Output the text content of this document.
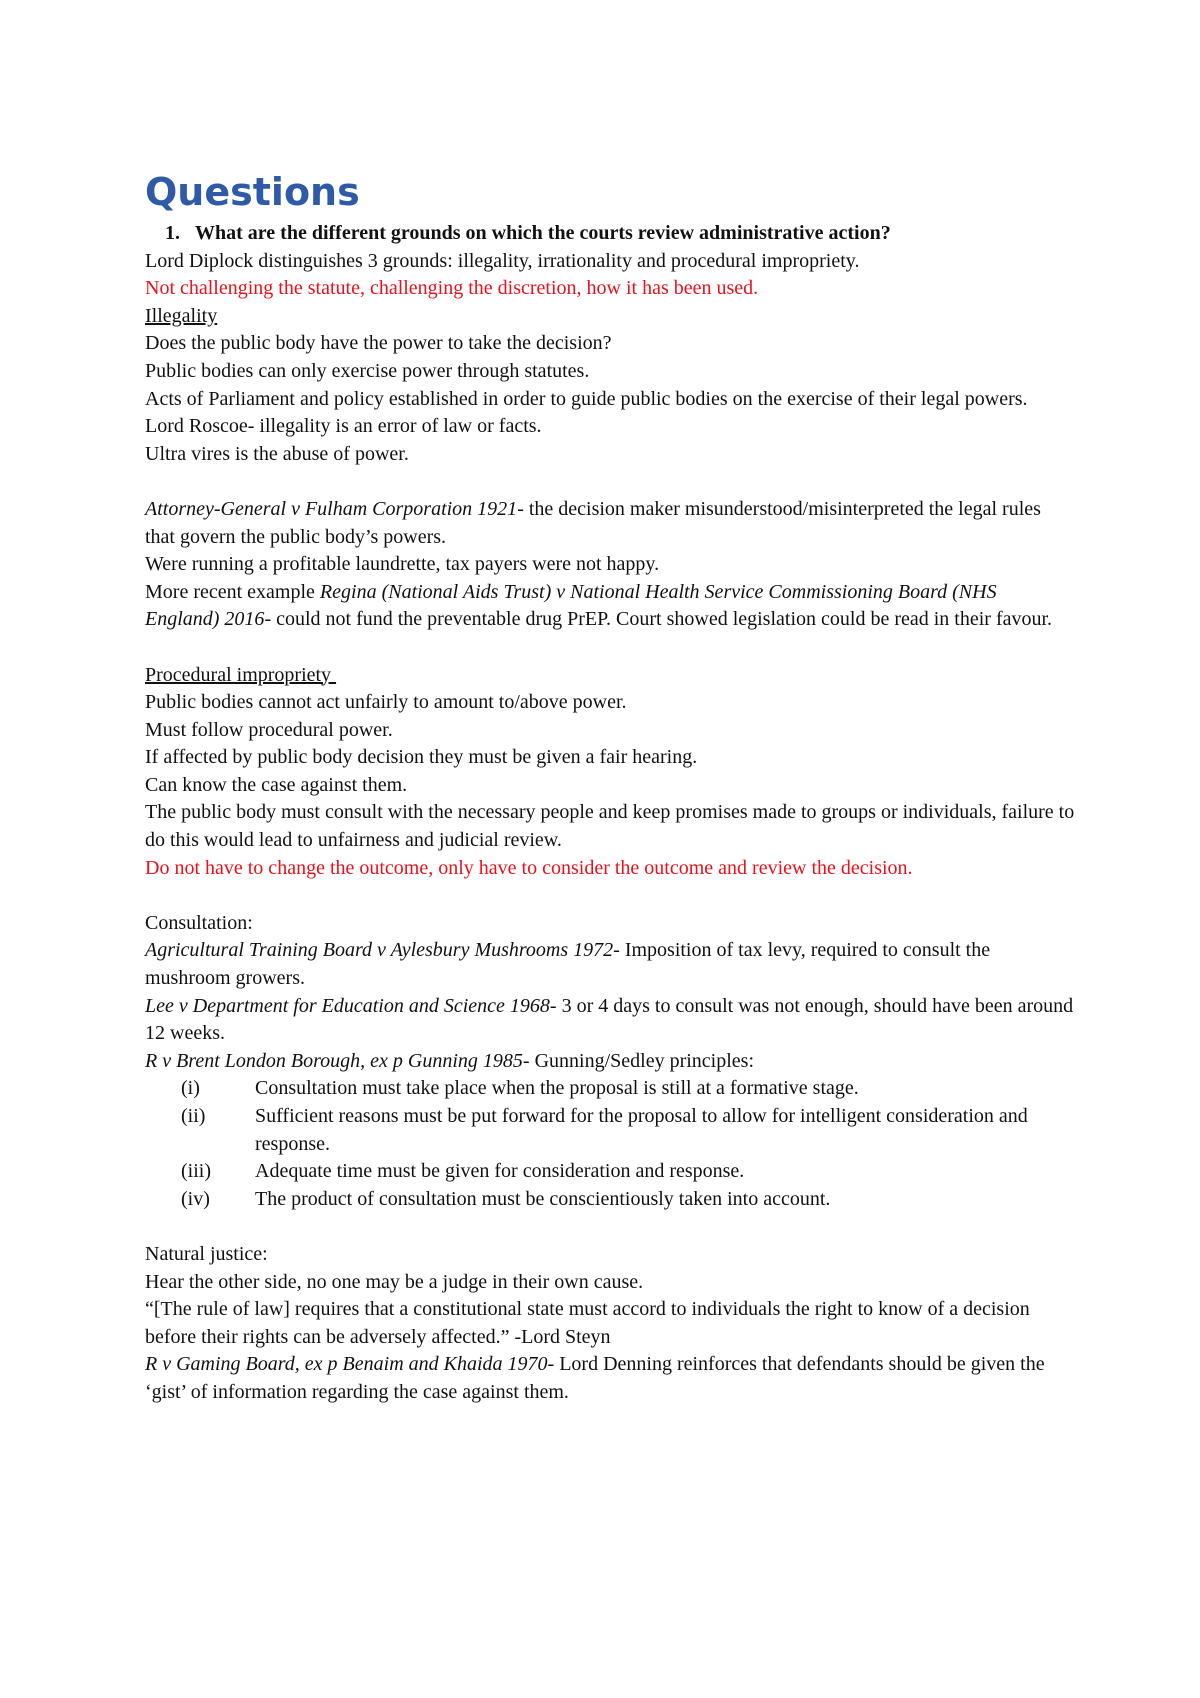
Questions
1. What are the different grounds on which the courts review administrative action?

Lord Diplock distinguishes 3 grounds: illegality, irrationality and procedural impropriety.

Not challenging the statute, challenging the discretion, how it has been used.

Illegality

Does the public body have the power to take the decision?

Public bodies can only exercise power through statutes.

Acts of Parliament and policy established in order to guide public bodies on the exercise of their legal powers.

Lord Roscoe- illegality is an error of law or facts.

Ultra vires is the abuse of power.

Attorney-General v Fulham Corporation 1921- the decision maker misunderstood/misinterpreted the legal rules that govern the public body’s powers.

Were running a profitable laundrette, tax payers were not happy.

More recent example Regina (National Aids Trust) v National Health Service Commissioning Board (NHS England) 2016- could not fund the preventable drug PrEP. Court showed legislation could be read in their favour.

Procedural impropriety

Public bodies cannot act unfairly to amount to/above power.

Must follow procedural power.

If affected by public body decision they must be given a fair hearing.

Can know the case against them.

The public body must consult with the necessary people and keep promises made to groups or individuals, failure to do this would lead to unfairness and judicial review.

Do not have to change the outcome, only have to consider the outcome and review the decision.

Consultation:

Agricultural Training Board v Aylesbury Mushrooms 1972- Imposition of tax levy, required to consult the mushroom growers.

Lee v Department for Education and Science 1968- 3 or 4 days to consult was not enough, should have been around 12 weeks.

R v Brent London Borough, ex p Gunning 1985- Gunning/Sedley principles:

(i)	Consultation must take place when the proposal is still at a formative stage.
(ii)	Sufficient reasons must be put forward for the proposal to allow for intelligent consideration and response.
(iii)	Adequate time must be given for consideration and response.
(iv)	The product of consultation must be conscientiously taken into account.

Natural justice:

Hear the other side, no one may be a judge in their own cause.

“[The rule of law] requires that a constitutional state must accord to individuals the right to know of a decision before their rights can be adversely affected.” -Lord Steyn

R v Gaming Board, ex p Benaim and Khaida 1970- Lord Denning reinforces that defendants should be given the ‘gist’ of information regarding the case against them.
